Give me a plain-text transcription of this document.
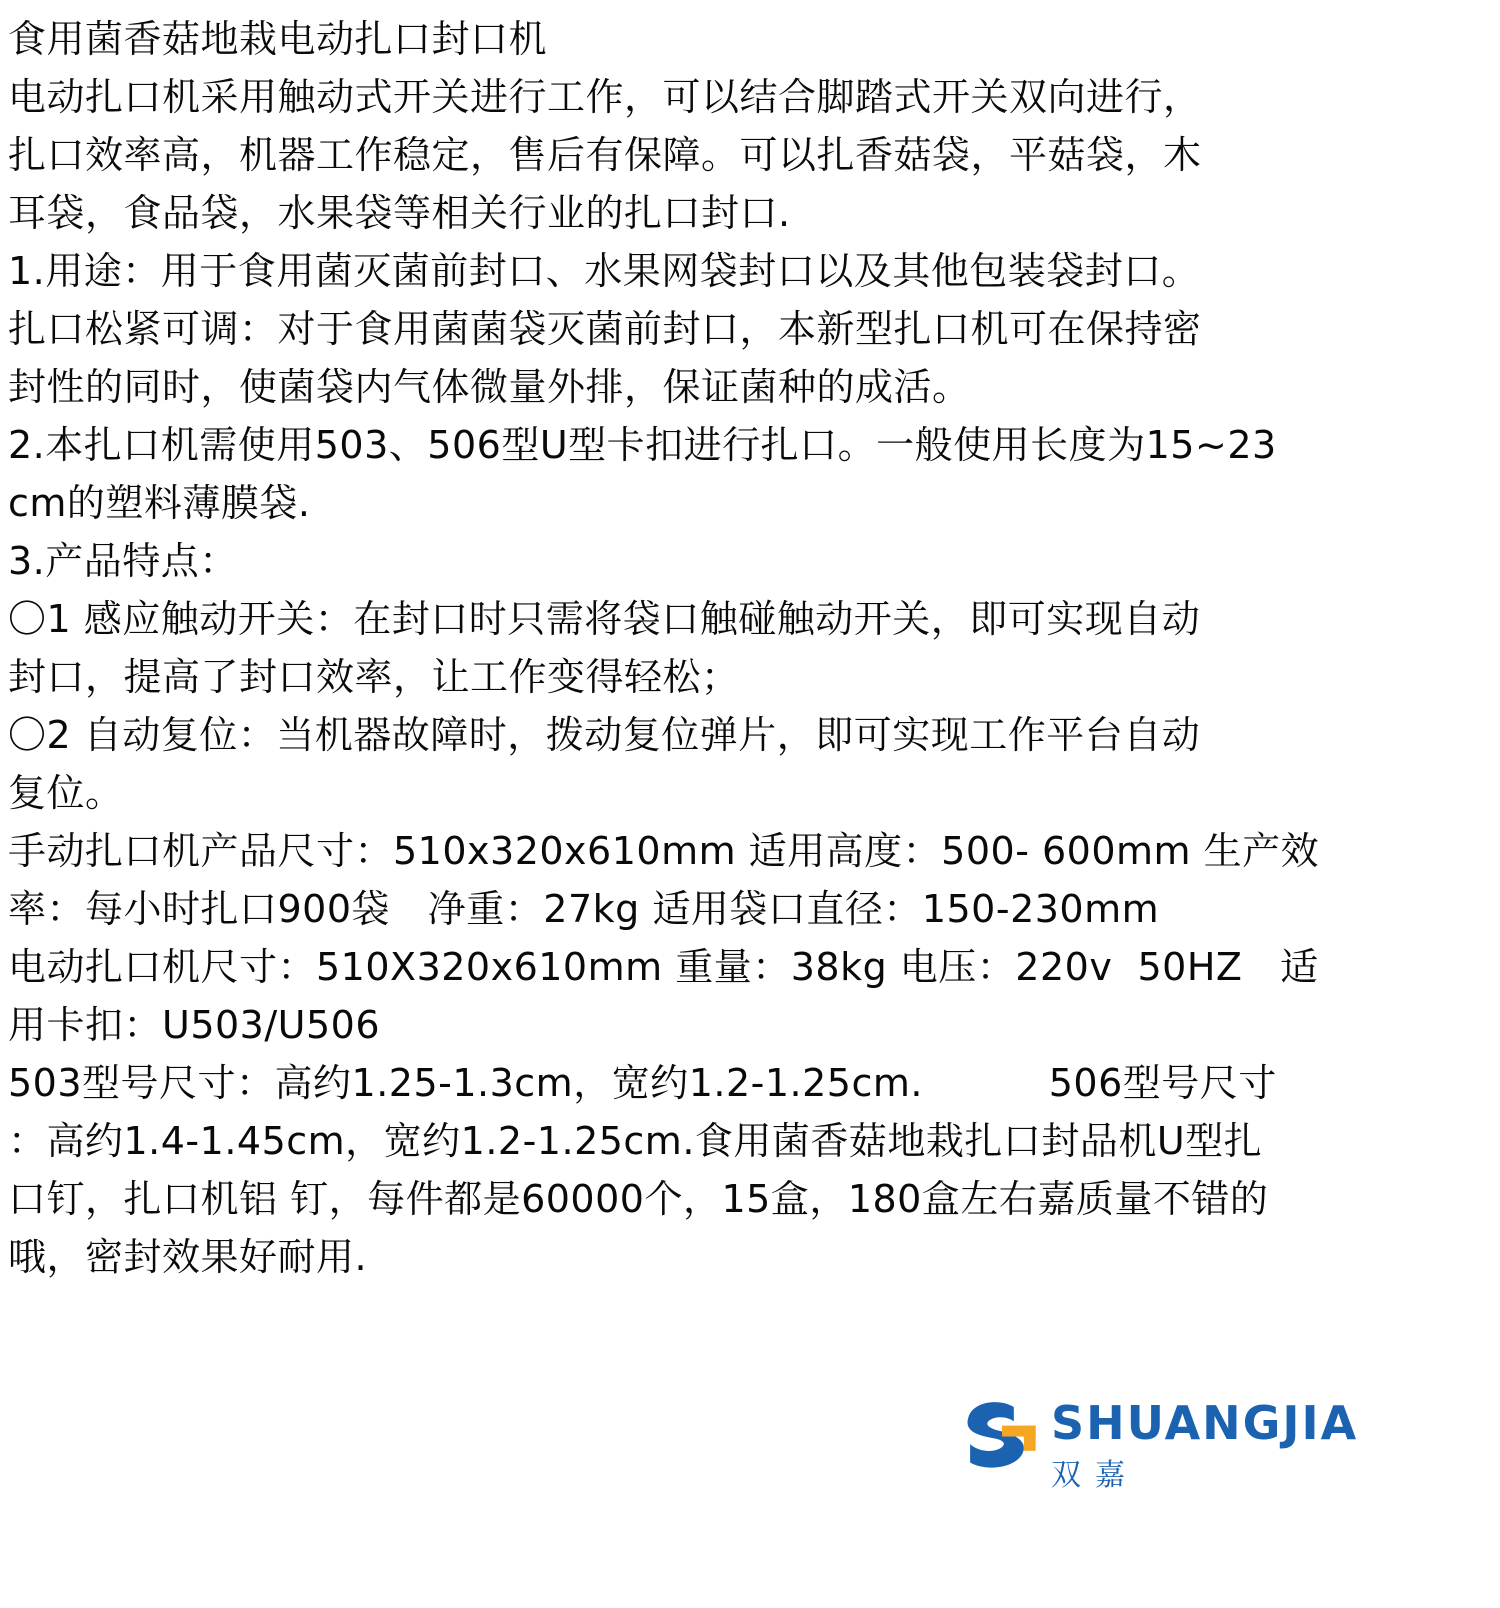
食用菌香菇地栽电动扎口封口机
电动扎口机采用触动式开关进行工作，可以结合脚踏式开关双向进行，
扎口效率高，机器工作稳定，售后有保障。可以扎香菇袋，平菇袋，木
耳袋，食品袋，水果袋等相关行业的扎口封口.
1.用途：用于食用菌灭菌前封口、水果网袋封口以及其他包装袋封口。
扎口松紧可调：对于食用菌菌袋灭菌前封口，本新型扎口机可在保持密
封性的同时，使菌袋内气体微量外排，保证菌种的成活。
2.本扎口机需使用503、506型U型卡扣进行扎口。一般使用长度为15~23
cm的塑料薄膜袋.
3.产品特点：
〇1 感应触动开关：在封口时只需将袋口触碰触动开关，即可实现自动
封口，提高了封口效率，让工作变得轻松；
〇2 自动复位：当机器故障时，拨动复位弹片，即可实现工作平台自动
复位。
手动扎口机产品尺寸：510x320x610mm 适用高度：500- 600mm 生产效
率：每小时扎口900袋   净重：27kg 适用袋口直径：150-230mm
电动扎口机尺寸：510X320x610mm 重量：38kg 电压：220v  50HZ   适
用卡扣：U503/U506
503型号尺寸：高约1.25-1.3cm，宽约1.2-1.25cm.          506型号尺寸
：高约1.4-1.45cm，宽约1.2-1.25cm.食用菌香菇地栽扎口封品机U型扎
口钉，扎口机铝 钉，每件都是60000个，15盒，180盒左右嘉质量不错的
哦，密封效果好耐用.
SHUANGJIA
双嘉
